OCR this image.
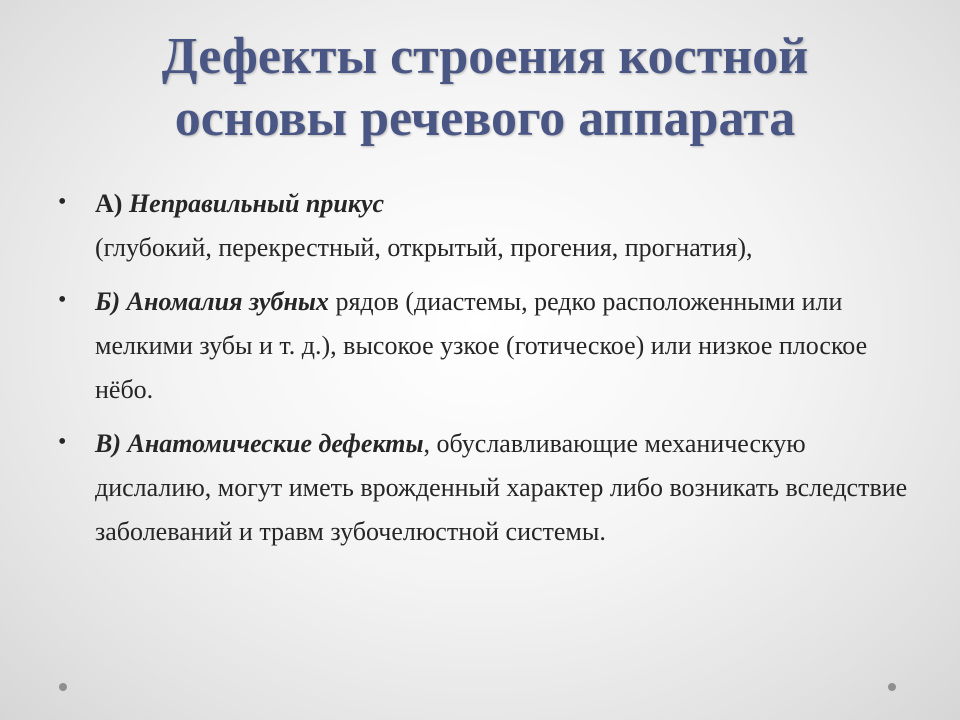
Дефекты строения костной
основы речевого аппарата
•	А) Неправильный прикус
(глубокий, перекрестный, открытый, прогения, прогнатия),
•	Б) Аномалия зубных рядов (диастемы, редко расположенными или мелкими зубы и т. д.), высокое узкое (готическое) или низкое плоское нёбо.
•	В) Анатомические дефекты, обуславливающие механическую дислалию, могут иметь врожденный характер либо возникать вследствие заболеваний и травм зубочелюстной системы.
